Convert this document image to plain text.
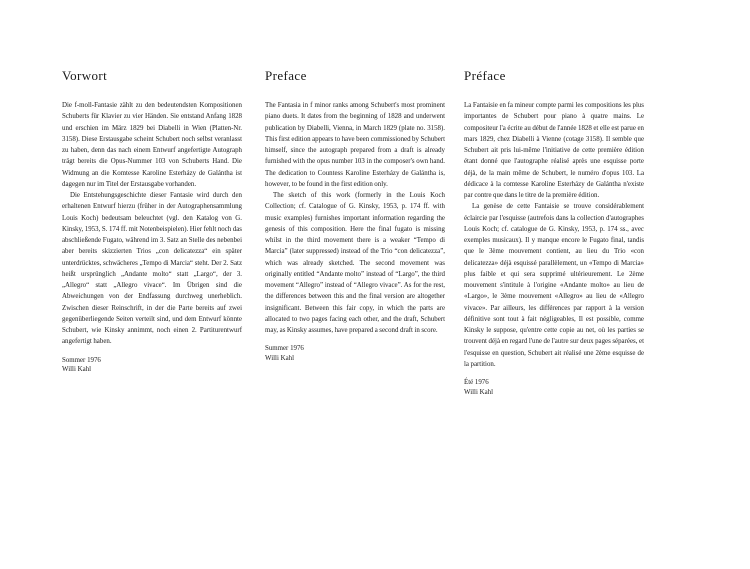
Vorwort

Die f-moll-Fantasie zählt zu den bedeutendsten Kompositionen Schuberts für Klavier zu vier Händen. Sie entstand Anfang 1828 und erschien im März 1829 bei Diabelli in Wien (Platten-Nr. 3158). Diese Erstausgabe scheint Schubert noch selbst veranlasst zu haben, denn das nach einem Entwurf angefertigte Autograph trägt bereits die Opus-Nummer 103 von Schuberts Hand. Die Widmung an die Komtesse Karoline Esterházy de Galántha ist dagegen nur im Titel der Erstausgabe vorhanden.

Die Entstehungsgeschichte dieser Fantasie wird durch den erhaltenen Entwurf hierzu (früher in der Autographensammlung Louis Koch) bedeutsam beleuchtet (vgl. den Katalog von G. Kinsky, 1953, S. 174 ff. mit Notenbeispielen). Hier fehlt noch das abschließende Fugato, während im 3. Satz an Stelle des nebenbei aber bereits skizzierten Trios „con delicatezza“ ein später unterdrücktes, schwächeres „Tempo di Marcia“ steht. Der 2. Satz heißt ursprünglich „Andante molto“ statt „Largo“, der 3. „Allegro“ statt „Allegro vivace“. Im Übrigen sind die Abweichungen von der Endfassung durchweg unerheblich. Zwischen dieser Reinschrift, in der die Parte bereits auf zwei gegenüberliegende Seiten verteilt sind, und dem Entwurf könnte Schubert, wie Kinsky annimmt, noch einen 2. Partiturentwurf angefertigt haben.

Sommer 1976
Willi Kahl
Preface

The Fantasia in f minor ranks among Schubert's most prominent piano duets. It dates from the beginning of 1828 and underwent publication by Diabelli, Vienna, in March 1829 (plate no. 3158). This first edition appears to have been commissioned by Schubert himself, since the autograph prepared from a draft is already furnished with the opus number 103 in the composer's own hand. The dedication to Countess Karoline Esterházy de Galántha is, however, to be found in the first edition only.

The sketch of this work (formerly in the Louis Koch Collection; cf. Catalogue of G. Kinsky, 1953, p. 174 ff. with music examples) furnishes important information regarding the genesis of this composition. Here the final fugato is missing whilst in the third movement there is a weaker “Tempo di Marcia” (later suppressed) instead of the Trio “con delicatezza”, which was already sketched. The second movement was originally entitled “Andante molto” instead of “Largo”, the third movement “Allegro” instead of “Allegro vivace”. As for the rest, the differences between this and the final version are altogether insignificant. Between this fair copy, in which the parts are allocated to two pages facing each other, and the draft, Schubert may, as Kinsky assumes, have prepared a second draft in score.

Summer 1976
Willi Kahl
Préface

La Fantaisie en fa mineur compte parmi les compositions les plus importantes de Schubert pour piano à quatre mains. Le compositeur l'a écrite au début de l'année 1828 et elle est parue en mars 1829, chez Diabelli à Vienne (cotage 3158). Il semble que Schubert ait pris lui-même l'initiative de cette première édition étant donné que l'autographe réalisé après une esquisse porte déjà, de la main même de Schubert, le numéro d'opus 103. La dédicace à la comtesse Karoline Esterházy de Galántha n'existe par contre que dans le titre de la première édition.

La genèse de cette Fantaisie se trouve considérablement éclaircie par l'esquisse (autrefois dans la collection d'autographes Louis Koch; cf. catalogue de G. Kinsky, 1953, p. 174 ss., avec exemples musicaux). Il y manque encore le Fugato final, tandis que le 3ème mouvement contient, au lieu du Trio «con delicatezza» déjà esquissé parallèlement, un «Tempo di Marcia» plus faible et qui sera supprimé ultérieurement. Le 2ème mouvement s'intitule à l'origine «Andante molto» au lieu de «Largo», le 3ème mouvement «Allegro» au lieu de «Allegro vivace». Par ailleurs, les différences par rapport à la version définitive sont tout à fait négligeables, Il est possible, comme Kinsky le suppose, qu'entre cette copie au net, où les parties se trouvent déjà en regard l'une de l'autre sur deux pages séparées, et l'esquisse en question, Schubert ait réalisé une 2ème esquisse de la partition.

Été 1976
Willi Kahl
